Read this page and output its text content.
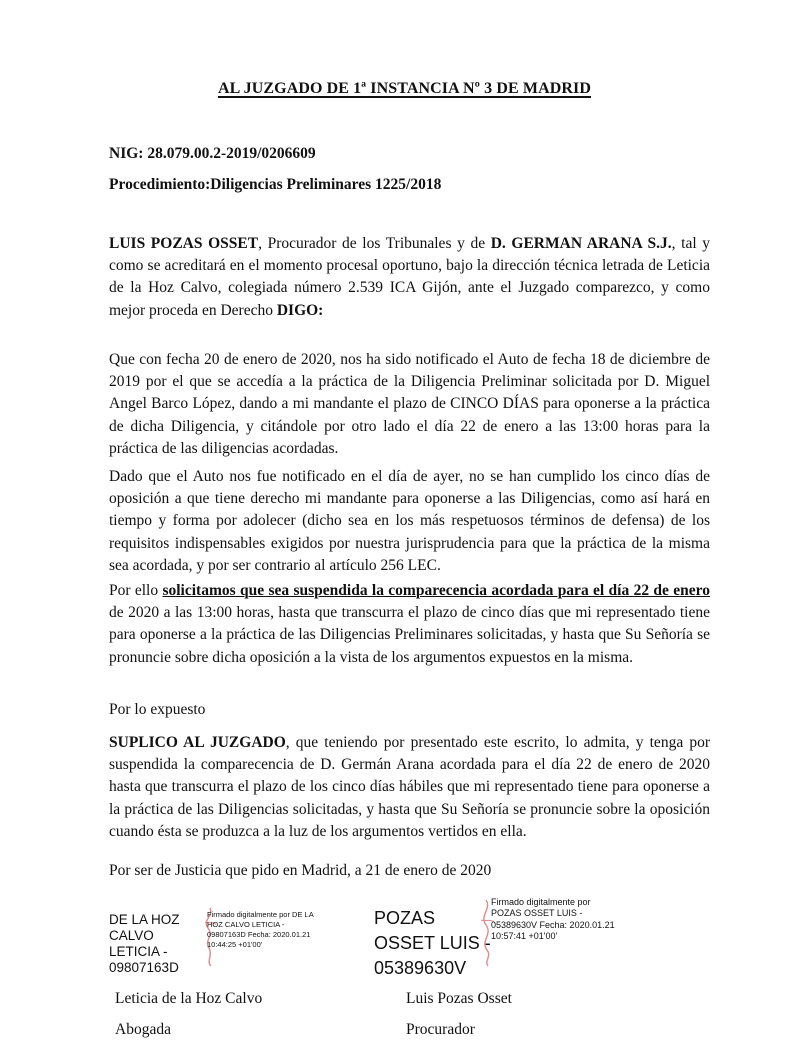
AL JUZGADO DE 1ª INSTANCIA Nº 3 DE MADRID
NIG: 28.079.00.2-2019/0206609
Procedimiento:Diligencias Preliminares 1225/2018

LUIS POZAS OSSET, Procurador de los Tribunales y de D. GERMAN ARANA S.J., tal y como se acreditará en el momento procesal oportuno, bajo la dirección técnica letrada de Leticia de la Hoz Calvo, colegiada número 2.539 ICA Gijón, ante el Juzgado comparezco, y como mejor proceda en Derecho DIGO:

Que con fecha 20 de enero de 2020, nos ha sido notificado el Auto de fecha 18 de diciembre de 2019 por el que se accedía a la práctica de la Diligencia Preliminar solicitada por D. Miguel Angel Barco López, dando a mi mandante el plazo de CINCO DÍAS para oponerse a la práctica de dicha Diligencia, y citándole por otro lado el día 22 de enero a las 13:00 horas para la práctica de las diligencias acordadas.

Dado que el Auto nos fue notificado en el día de ayer, no se han cumplido los cinco días de oposición a que tiene derecho mi mandante para oponerse a las Diligencias, como así hará en tiempo y forma por adolecer (dicho sea en los más respetuosos términos de defensa) de los requisitos indispensables exigidos por nuestra jurisprudencia para que la práctica de la misma sea acordada, y por ser contrario al artículo 256 LEC.

Por ello solicitamos que sea suspendida la comparecencia acordada para el día 22 de enero de 2020 a las 13:00 horas, hasta que transcurra el plazo de cinco días que mi representado tiene para oponerse a la práctica de las Diligencias Preliminares solicitadas, y hasta que Su Señoría se pronuncie sobre dicha oposición a la vista de los argumentos expuestos en la misma.

Por lo expuesto

SUPLICO AL JUZGADO, que teniendo por presentado este escrito, lo admita, y tenga por suspendida la comparecencia de D. Germán Arana acordada para el día 22 de enero de 2020 hasta que transcurra el plazo de los cinco días hábiles que mi representado tiene para oponerse a la práctica de las Diligencias solicitadas, y hasta que Su Señoría se pronuncie sobre la oposición cuando ésta se produzca a la luz de los argumentos vertidos en ella.

Por ser de Justicia que pido en Madrid, a 21 de enero de 2020

DE LA HOZ CALVO LETICIA - 09807163D
Firmado digitalmente por DE LA HOZ CALVO LETICIA - 09807163D Fecha: 2020.01.21 10:44:25 +01'00'
POZAS OSSET LUIS - 05389630V
Firmado digitalmente por POZAS OSSET LUIS - 05389630V Fecha: 2020.01.21 10:57:41 +01'00'
Leticia de la Hoz Calvo	Luis Pozas Osset
Abogada	Procurador
